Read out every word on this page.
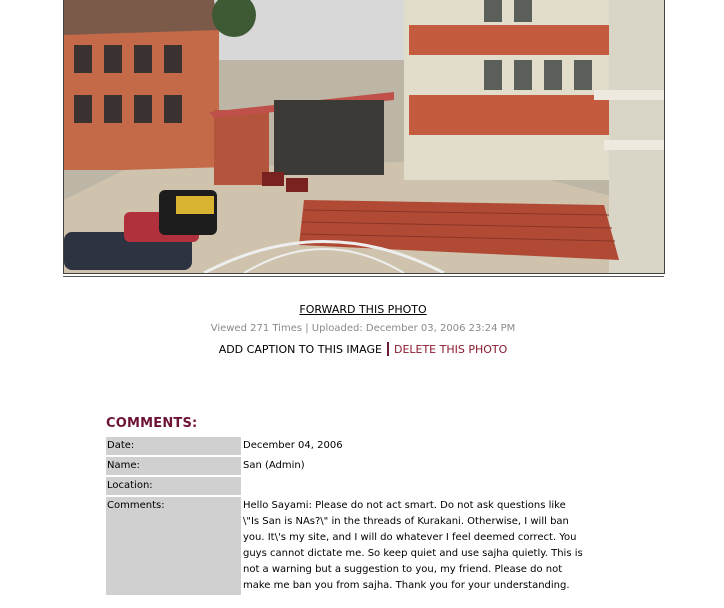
FORWARD THIS PHOTO
Viewed 271 Times | Uploaded: December 03, 2006 23:24 PM
ADD CAPTION TO THIS IMAGE DELETE THIS PHOTO
COMMENTS:
Date:	December 04, 2006
Name:	San (Admin)
Location:	
Comments:	Hello Sayami: Please do not act smart. Do not ask questions like \"Is San is NAs?\" in the threads of Kurakani. Otherwise, I will ban you. It\'s my site, and I will do whatever I feel deemed correct. You guys cannot dictate me. So keep quiet and use sajha quietly. This is not a warning but a suggestion to you, my friend. Please do not make me ban you from sajha. Thank you for your understanding.
